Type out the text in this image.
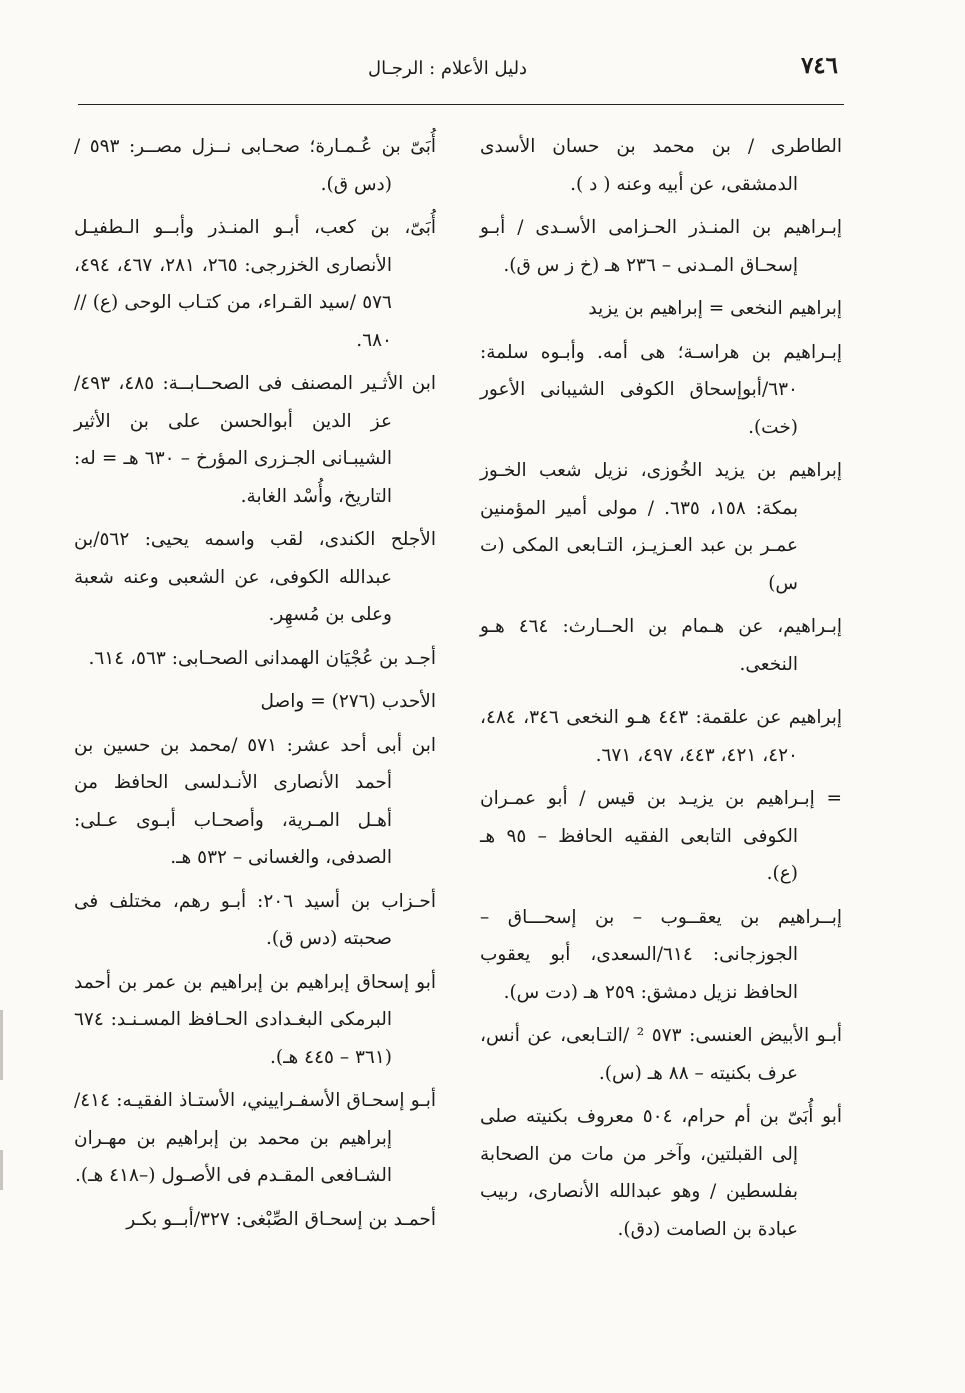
٧٤٦
دليل الأعلام : الرجـال

الطاطرى / بن محمد بن حسان الأسدى الدمشقى، عن أبيه وعنه ( د ).

إبـراهيم بن المنـذر الحـزامى الأسـدى / أبـو إسحـاق المـدنى – ٢٣٦ هـ (خ ز س ق).

إبراهيم النخعى = إبراهيم بن يزيد

إبـراهيم بن هراسـة؛ هى أمه. وأبـوه سلمة: ٦٣٠/أبوإسحاق الكوفى الشيبانى الأعور (خت).

إبراهيم بن يزيد الخُوزى، نزيل شعب الخـوز بمكة: ١٥٨، ٦٣٥. / مولى أمير المؤمنين عمـر بن عبد العـزيـز، التـابعى المكى (ت س)

إبـراهيم، عن هـمام بن الحــارث: ٤٦٤ هـو النخعى.

إبراهيم عن علقمة: ٤٤٣ هـو النخعى ٣٤٦، ٤٨٤، ٤٢٠، ٤٢١، ٤٤٣، ٤٩٧، ٦٧١.

= إبـراهيم بن يزيـد بن قيس / أبو عمـران الكوفى التابعى الفقيه الحافظ – ٩٥ هـ (ع).

إبــراهيم بن يعقــوب – بن إسحـــاق – الجوزجانى: ٦١٤/السعدى، أبو يعقوب الحافظ نزيل دمشق: ٢٥٩ هـ (دت س).

أبـو الأبيض العنسى: ٥٧٣ ² /التـابعى، عن أنس، عرف بكنيته – ٨٨ هـ (س).

أبو أُبَىّ بن أم حرام، ٥٠٤ معروف بكنيته صلى إلى القبلتين، وآخر من مات من الصحابة بفلسطين / وهو عبدالله الأنصارى، ربيب عبادة بن الصامت (دق).

أُبَىّ بن عُـمـارة؛ صحـابى نــزل مصــر: ٥٩٣ / (دس ق).

أُبَىّ، بن كعب، أبـو المنـذر وأبــو الـطفيـل الأنصارى الخزرجى: ٢٦٥، ٢٨١، ٤٦٧، ٤٩٤، ٥٧٦ /سيد القـراء، من كتـاب الوحى (ع) // ٦٨٠.

ابن الأثـير المصنف فى الصحــابــة: ٤٨٥، ٤٩٣/عز الدين أبوالحسن على بن الأثير الشيبـانى الجـزرى المؤرخ – ٦٣٠ هـ = له: التاريخ، وأُسْد الغابة.

الأجلح الكندى، لقب واسمه يحيى: ٥٦٢/بن عبدالله الكوفى، عن الشعبى وعنه شعبة وعلى بن مُسهِر.

أجـد بن عُجْيَان الهمدانى الصحـابى: ٥٦٣، ٦١٤.

الأحدب (٢٧٦) = واصل

ابن أبى أحد عشر: ٥٧١ /محمد بن حسين بن أحمد الأنصارى الأنـدلسى الحافظ من أهـل المـرية، وأصحـاب أبـوى عـلى: الصدفى، والغسانى – ٥٣٢ هـ.

أحـزاب بن أسيد ٢٠٦: أبـو رهم، مختلف فى صحبته (دس ق).

أبو إسحاق إبراهيم بن إبراهيم بن عمر بن أحمد البرمكى البغـدادى الحـافظ المسـنـد: ٦٧٤ (٣٦١ – ٤٤٥ هـ).

أبـو إسحـاق الأسفـراييني، الأستـاذ الفقيـه: ٤١٤/إبراهيم بن محمد بن إبراهيم بن مهـران الشـافعى المقـدم فى الأصـول (–٤١٨ هـ).

أحمـد بن إسحـاق الصِّبْغى: ٣٢٧/أبــو بكـر
